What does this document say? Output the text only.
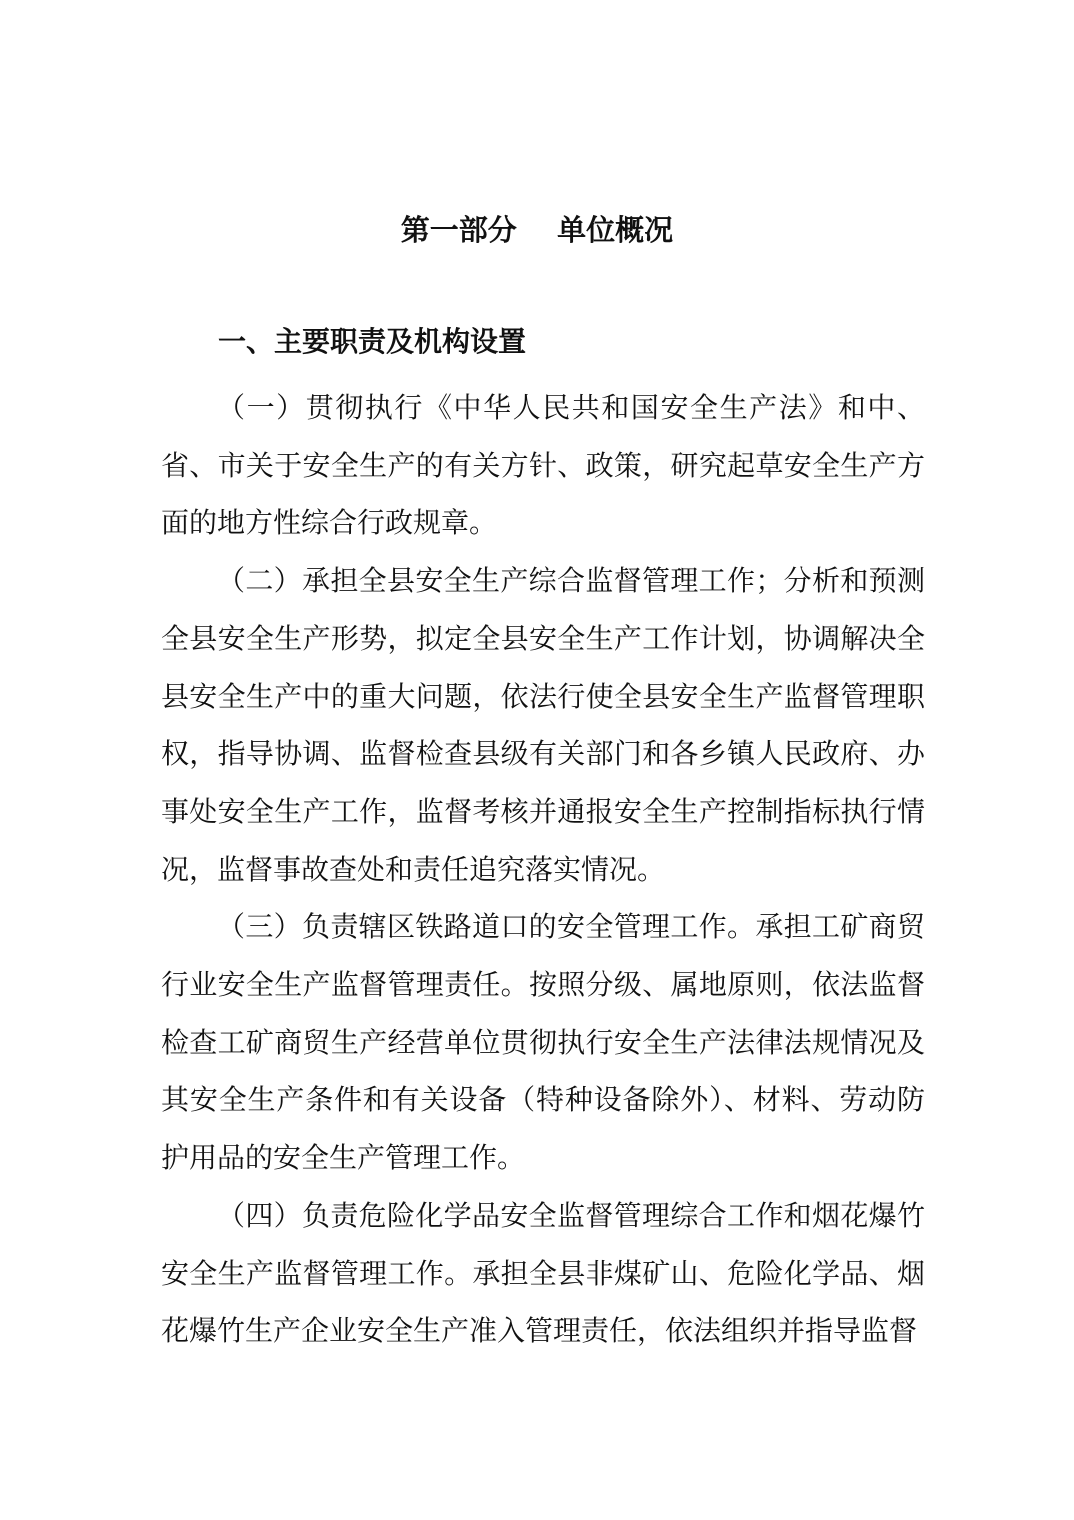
第一部分    单位概况
一、主要职责及机构设置

（一）贯彻执行《中华人民共和国安全生产法》和中、省、市关于安全生产的有关方针、政策，研究起草安全生产方面的地方性综合行政规章。

（二）承担全县安全生产综合监督管理工作；分析和预测全县安全生产形势，拟定全县安全生产工作计划，协调解决全县安全生产中的重大问题，依法行使全县安全生产监督管理职权，指导协调、监督检查县级有关部门和各乡镇人民政府、办事处安全生产工作，监督考核并通报安全生产控制指标执行情况，监督事故查处和责任追究落实情况。

（三）负责辖区铁路道口的安全管理工作。承担工矿商贸行业安全生产监督管理责任。按照分级、属地原则，依法监督检查工矿商贸生产经营单位贯彻执行安全生产法律法规情况及其安全生产条件和有关设备（特种设备除外）、材料、劳动防护用品的安全生产管理工作。

（四）负责危险化学品安全监督管理综合工作和烟花爆竹安全生产监督管理工作。承担全县非煤矿山、危险化学品、烟花爆竹生产企业安全生产准入管理责任，依法组织并指导监督
